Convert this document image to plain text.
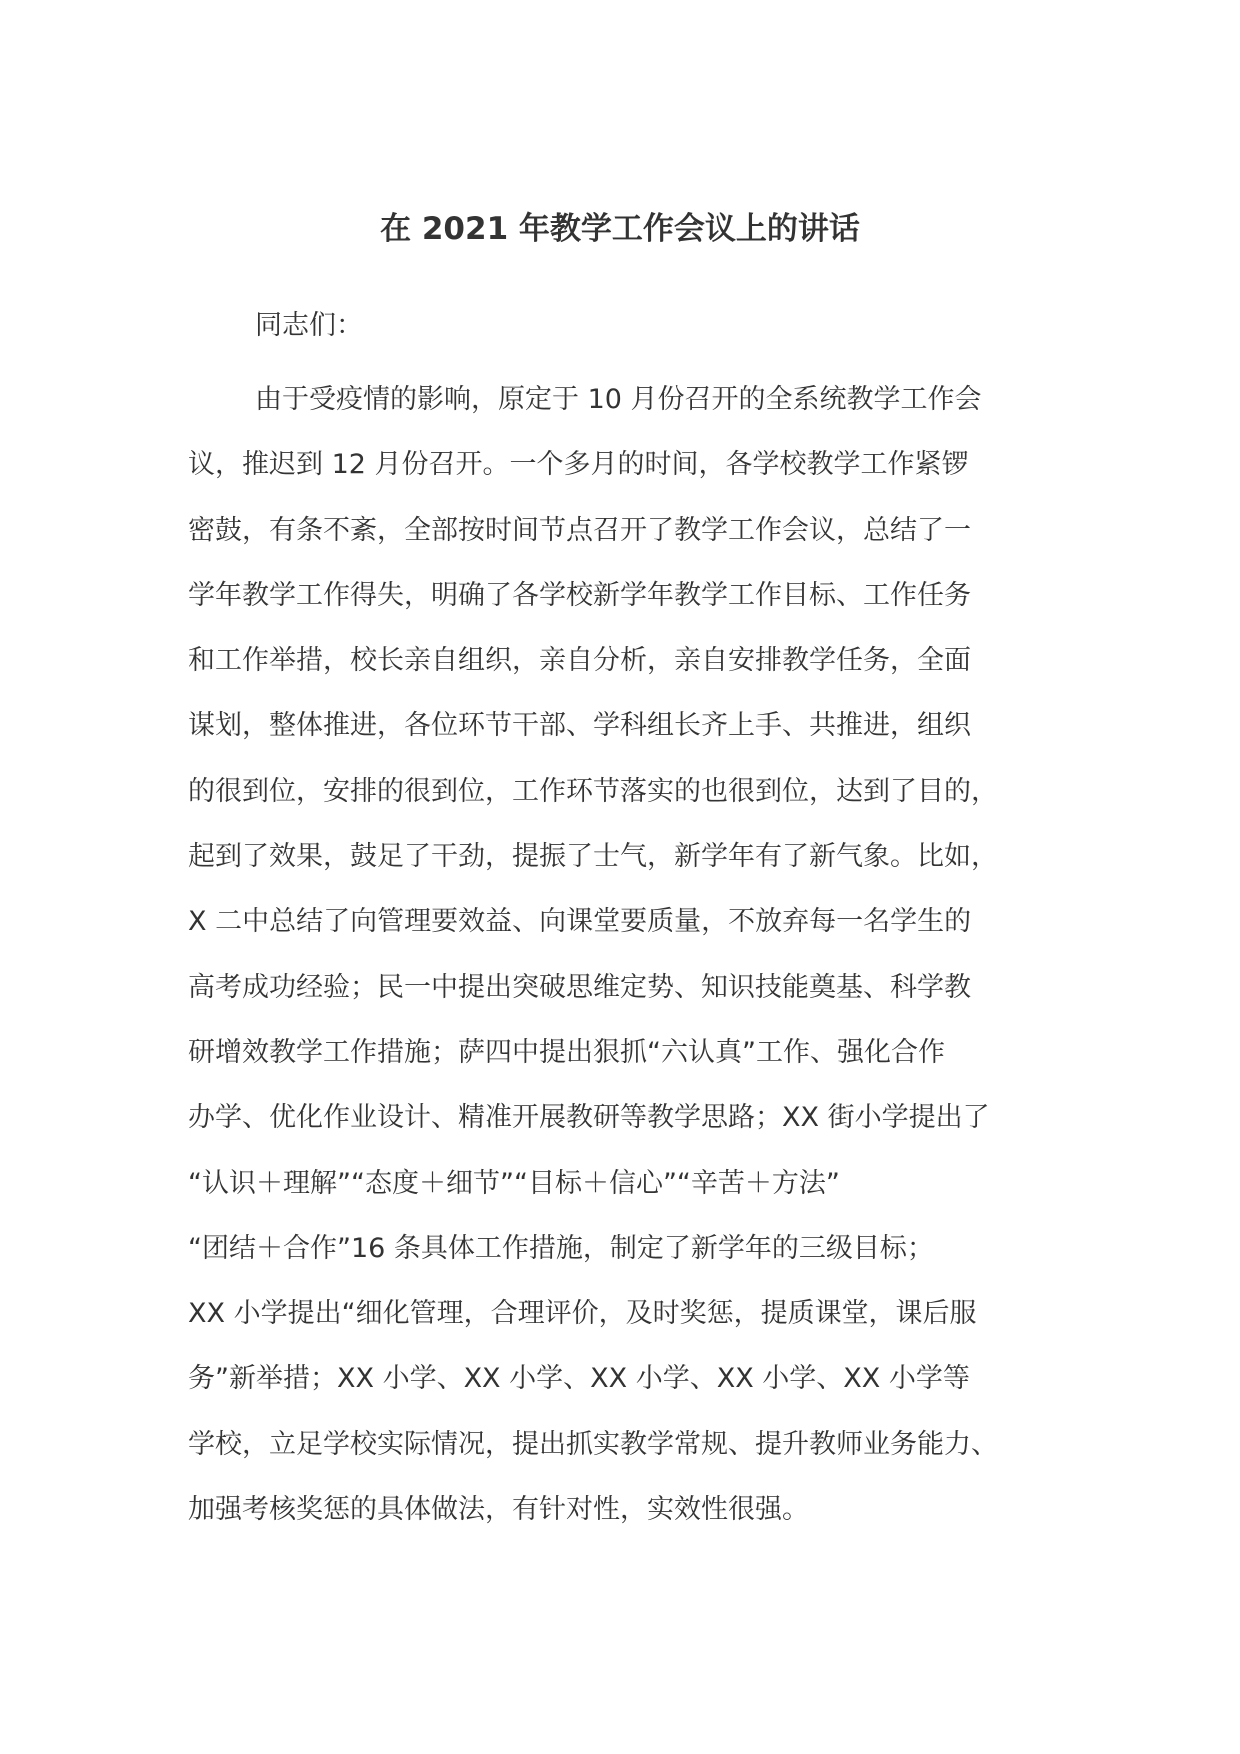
在 2021 年教学工作会议上的讲话

同志们：

由于受疫情的影响，原定于 10 月份召开的全系统教学工作会
议，推迟到 12 月份召开。一个多月的时间，各学校教学工作紧锣
密鼓，有条不紊，全部按时间节点召开了教学工作会议，总结了一
学年教学工作得失，明确了各学校新学年教学工作目标、工作任务
和工作举措，校长亲自组织，亲自分析，亲自安排教学任务，全面
谋划，整体推进，各位环节干部、学科组长齐上手、共推进，组织
的很到位，安排的很到位，工作环节落实的也很到位，达到了目的，
起到了效果，鼓足了干劲，提振了士气，新学年有了新气象。比如，
X 二中总结了向管理要效益、向课堂要质量，不放弃每一名学生的
高考成功经验；民一中提出突破思维定势、知识技能奠基、科学教
研增效教学工作措施；萨四中提出狠抓“六认真”工作、强化合作
办学、优化作业设计、精准开展教研等教学思路；XX 街小学提出了
“认识＋理解”“态度＋细节”“目标＋信心”“辛苦＋方法”
“团结＋合作”16 条具体工作措施，制定了新学年的三级目标；
XX 小学提出“细化管理，合理评价，及时奖惩，提质课堂，课后服
务”新举措；XX 小学、XX 小学、XX 小学、XX 小学、XX 小学等
学校，立足学校实际情况，提出抓实教学常规、提升教师业务能力、
加强考核奖惩的具体做法，有针对性，实效性很强。
